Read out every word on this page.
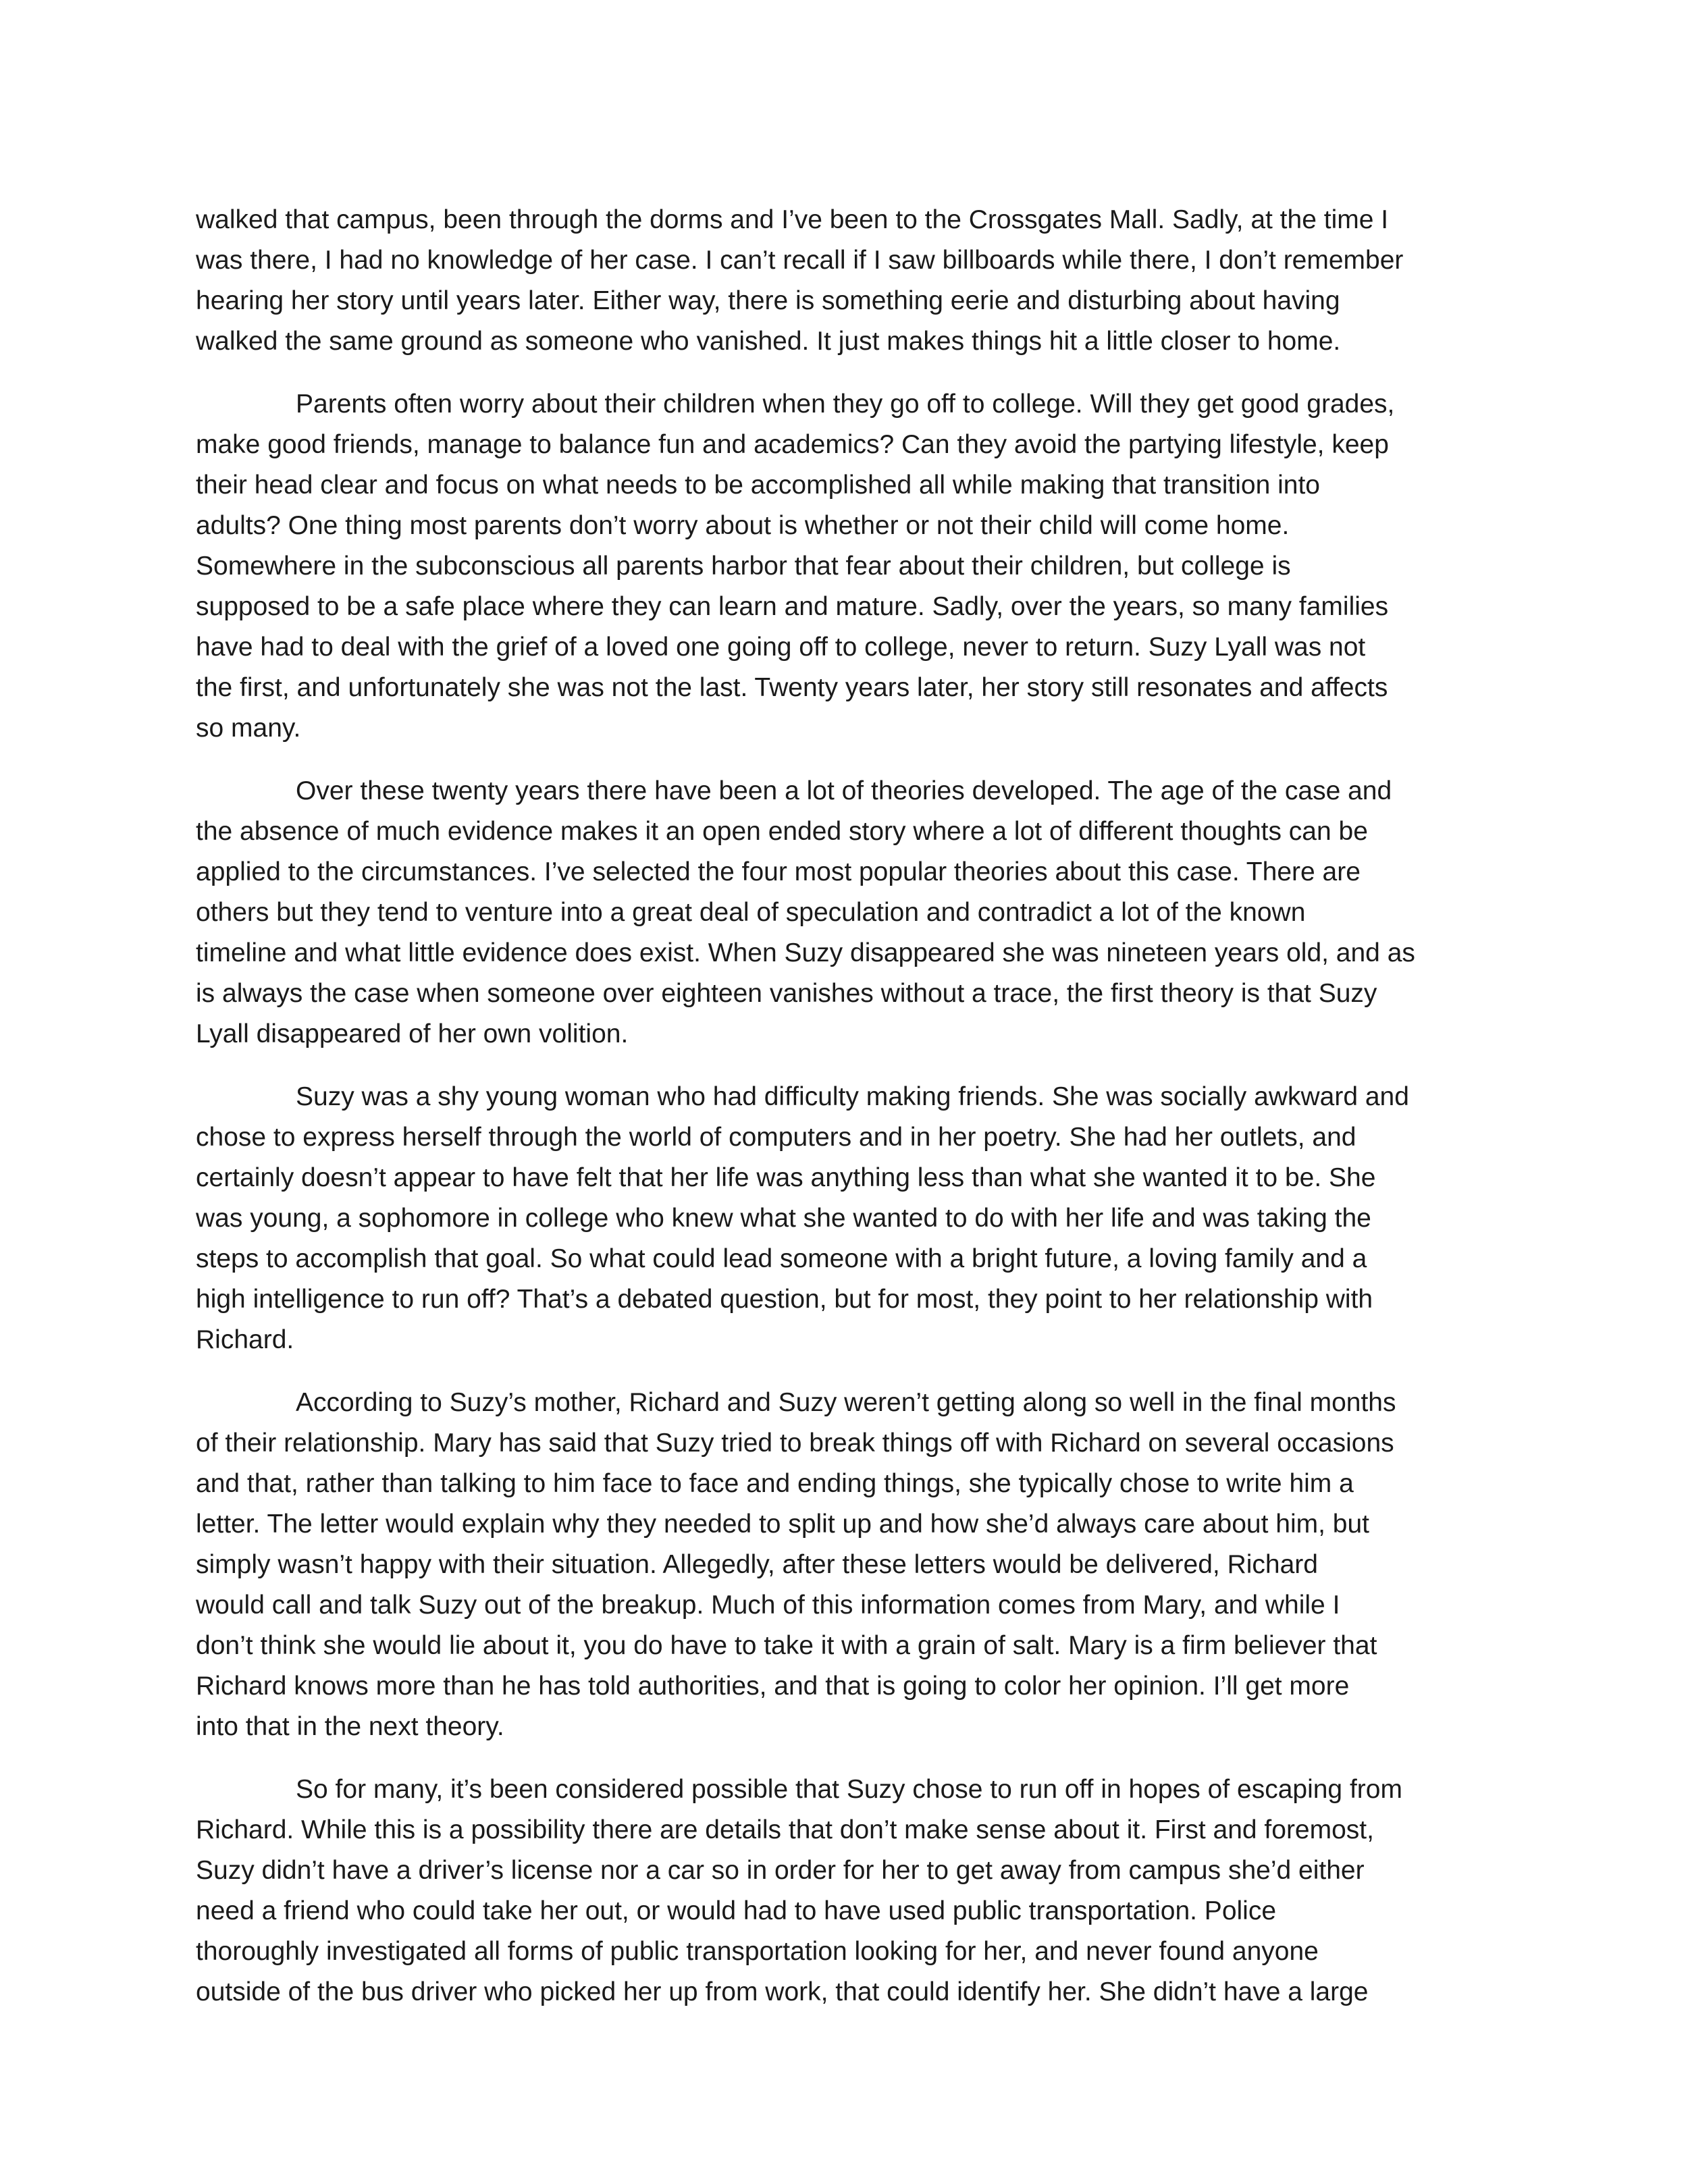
walked that campus, been through the dorms and I’ve been to the Crossgates Mall. Sadly, at the time I
was there, I had no knowledge of her case. I can’t recall if I saw billboards while there, I don’t remember
hearing her story until years later. Either way, there is something eerie and disturbing about having
walked the same ground as someone who vanished. It just makes things hit a little closer to home.
Parents often worry about their children when they go off to college. Will they get good grades,
make good friends, manage to balance fun and academics? Can they avoid the partying lifestyle, keep
their head clear and focus on what needs to be accomplished all while making that transition into
adults? One thing most parents don’t worry about is whether or not their child will come home.
Somewhere in the subconscious all parents harbor that fear about their children, but college is
supposed to be a safe place where they can learn and mature. Sadly, over the years, so many families
have had to deal with the grief of a loved one going off to college, never to return. Suzy Lyall was not
the first, and unfortunately she was not the last. Twenty years later, her story still resonates and affects
so many.
Over these twenty years there have been a lot of theories developed. The age of the case and
the absence of much evidence makes it an open ended story where a lot of different thoughts can be
applied to the circumstances. I’ve selected the four most popular theories about this case. There are
others but they tend to venture into a great deal of speculation and contradict a lot of the known
timeline and what little evidence does exist. When Suzy disappeared she was nineteen years old, and as
is always the case when someone over eighteen vanishes without a trace, the first theory is that Suzy
Lyall disappeared of her own volition.
Suzy was a shy young woman who had difficulty making friends. She was socially awkward and
chose to express herself through the world of computers and in her poetry. She had her outlets, and
certainly doesn’t appear to have felt that her life was anything less than what she wanted it to be. She
was young, a sophomore in college who knew what she wanted to do with her life and was taking the
steps to accomplish that goal. So what could lead someone with a bright future, a loving family and a
high intelligence to run off? That’s a debated question, but for most, they point to her relationship with
Richard.
According to Suzy’s mother, Richard and Suzy weren’t getting along so well in the final months
of their relationship. Mary has said that Suzy tried to break things off with Richard on several occasions
and that, rather than talking to him face to face and ending things, she typically chose to write him a
letter. The letter would explain why they needed to split up and how she’d always care about him, but
simply wasn’t happy with their situation. Allegedly, after these letters would be delivered, Richard
would call and talk Suzy out of the breakup. Much of this information comes from Mary, and while I
don’t think she would lie about it, you do have to take it with a grain of salt. Mary is a firm believer that
Richard knows more than he has told authorities, and that is going to color her opinion. I’ll get more
into that in the next theory.
So for many, it’s been considered possible that Suzy chose to run off in hopes of escaping from
Richard. While this is a possibility there are details that don’t make sense about it. First and foremost,
Suzy didn’t have a driver’s license nor a car so in order for her to get away from campus she’d either
need a friend who could take her out, or would had to have used public transportation. Police
thoroughly investigated all forms of public transportation looking for her, and never found anyone
outside of the bus driver who picked her up from work, that could identify her. She didn’t have a large
